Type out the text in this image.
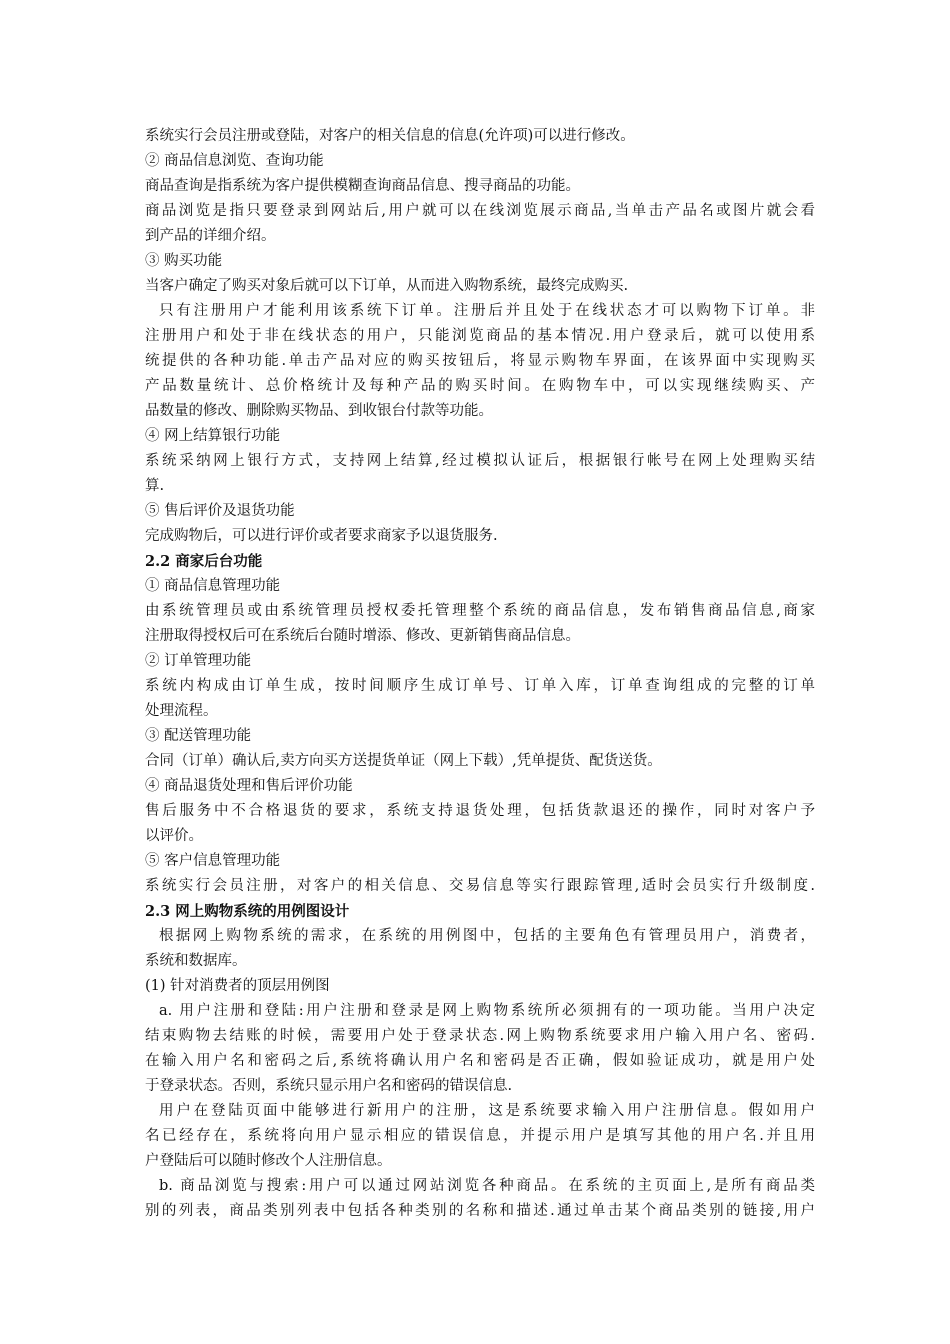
系统实行会员注册或登陆，对客户的相关信息的信息(允许项)可以进行修改。
② 商品信息浏览、查询功能
商品查询是指系统为客户提供模糊查询商品信息、搜寻商品的功能。
商品浏览是指只要登录到网站后,用户就可以在线浏览展示商品,当单击产品名或图片就会看
到产品的详细介绍。
③ 购买功能
当客户确定了购买对象后就可以下订单，从而进入购物系统，最终完成购买.
只有注册用户才能利用该系统下订单。注册后并且处于在线状态才可以购物下订单。非
注册用户和处于非在线状态的用户，只能浏览商品的基本情况.用户登录后，就可以使用系
统提供的各种功能.单击产品对应的购买按钮后，将显示购物车界面，在该界面中实现购买
产品数量统计、总价格统计及每种产品的购买时间。在购物车中，可以实现继续购买、产
品数量的修改、删除购买物品、到收银台付款等功能。
④ 网上结算银行功能
系统采纳网上银行方式，支持网上结算,经过模拟认证后，根据银行帐号在网上处理购买结
算.
⑤ 售后评价及退货功能
完成购物后，可以进行评价或者要求商家予以退货服务.
2.2 商家后台功能
① 商品信息管理功能
由系统管理员或由系统管理员授权委托管理整个系统的商品信息，发布销售商品信息,商家
注册取得授权后可在系统后台随时增添、修改、更新销售商品信息。
② 订单管理功能
系统内构成由订单生成，按时间顺序生成订单号、订单入库，订单查询组成的完整的订单
处理流程。
③ 配送管理功能
合同（订单）确认后,卖方向买方送提货单证（网上下载）,凭单提货、配货送货。
④ 商品退货处理和售后评价功能
售后服务中不合格退货的要求，系统支持退货处理，包括货款退还的操作，同时对客户予
以评价。
⑤ 客户信息管理功能
系统实行会员注册，对客户的相关信息、交易信息等实行跟踪管理,适时会员实行升级制度.
2.3 网上购物系统的用例图设计
根据网上购物系统的需求，在系统的用例图中，包括的主要角色有管理员用户，消费者，
系统和数据库。
(1) 针对消费者的顶层用例图
a. 用户注册和登陆:用户注册和登录是网上购物系统所必须拥有的一项功能。当用户决定
结束购物去结账的时候，需要用户处于登录状态.网上购物系统要求用户输入用户名、密码.
在输入用户名和密码之后,系统将确认用户名和密码是否正确，假如验证成功，就是用户处
于登录状态。否则，系统只显示用户名和密码的错误信息.
用户在登陆页面中能够进行新用户的注册，这是系统要求输入用户注册信息。假如用户
名已经存在，系统将向用户显示相应的错误信息，并提示用户是填写其他的用户名.并且用
户登陆后可以随时修改个人注册信息。
b. 商品浏览与搜索:用户可以通过网站浏览各种商品。在系统的主页面上,是所有商品类
别的列表，商品类别列表中包括各种类别的名称和描述.通过单击某个商品类别的链接,用户
